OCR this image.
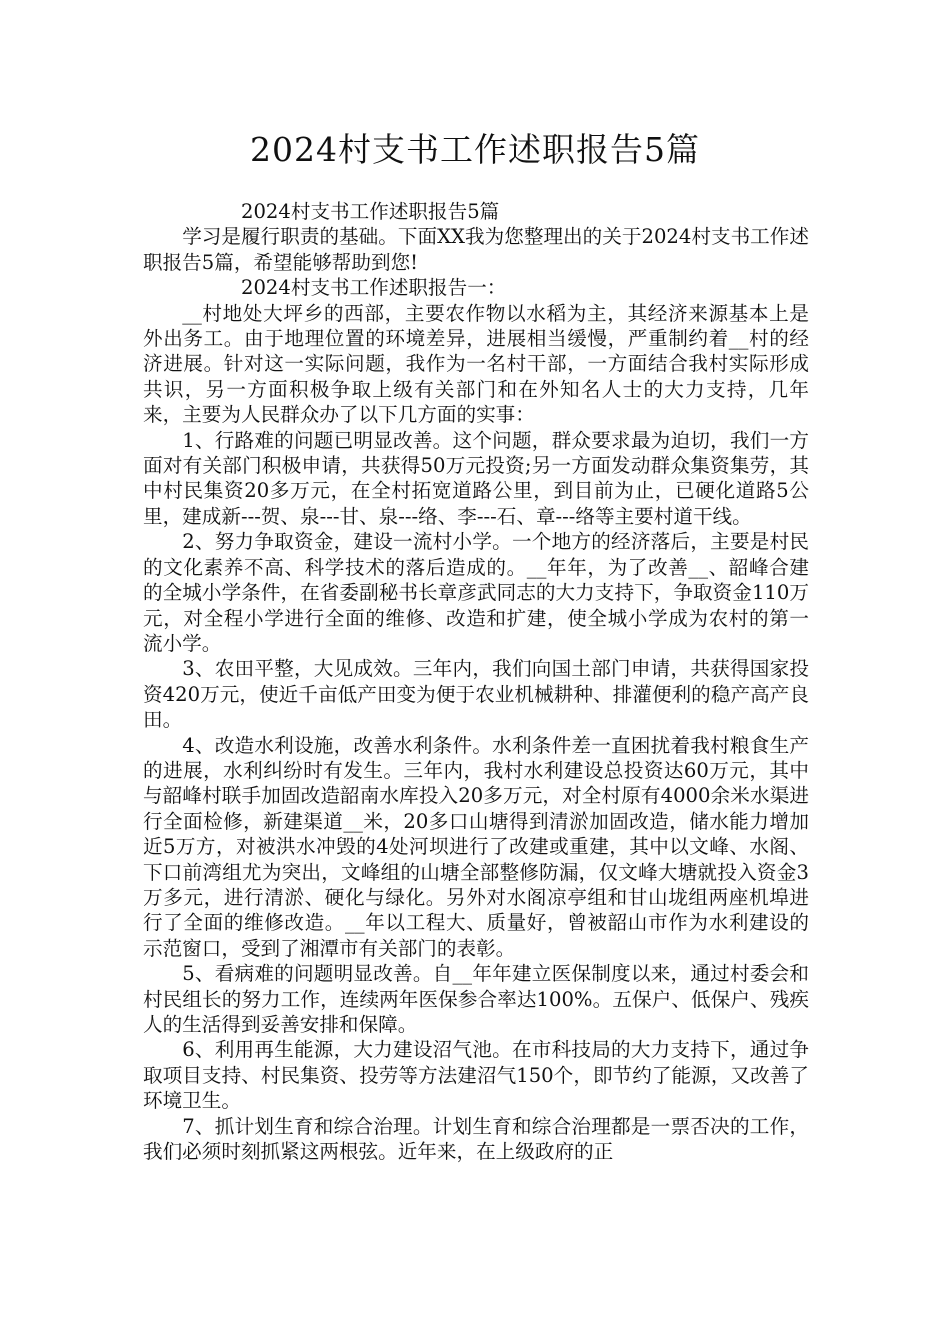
2024村支书工作述职报告5篇

2024村支书工作述职报告5篇

学习是履行职责的基础。下面XX我为您整理出的关于2024村支书工作述职报告5篇，希望能够帮助到您!

2024村支书工作述职报告一：

__村地处大坪乡的西部，主要农作物以水稻为主，其经济来源基本上是外出务工。由于地理位置的环境差异，进展相当缓慢，严重制约着__村的经济进展。针对这一实际问题，我作为一名村干部，一方面结合我村实际形成共识，另一方面积极争取上级有关部门和在外知名人士的大力支持，几年来，主要为人民群众办了以下几方面的实事：

1、行路难的问题已明显改善。这个问题，群众要求最为迫切，我们一方面对有关部门积极申请，共获得50万元投资;另一方面发动群众集资集劳，其中村民集资20多万元，在全村拓宽道路公里，到目前为止，已硬化道路5公里，建成新---贺、泉---甘、泉---络、李---石、章---络等主要村道干线。

2、努力争取资金，建设一流村小学。一个地方的经济落后，主要是村民的文化素养不高、科学技术的落后造成的。__年年，为了改善__、韶峰合建的全城小学条件，在省委副秘书长章彦武同志的大力支持下，争取资金110万元，对全程小学进行全面的维修、改造和扩建，使全城小学成为农村的第一流小学。

3、农田平整，大见成效。三年内，我们向国土部门申请，共获得国家投资420万元，使近千亩低产田变为便于农业机械耕种、排灌便利的稳产高产良田。

4、改造水利设施，改善水利条件。水利条件差一直困扰着我村粮食生产的进展，水利纠纷时有发生。三年内，我村水利建设总投资达60万元，其中与韶峰村联手加固改造韶南水库投入20多万元，对全村原有4000余米水渠进行全面检修，新建渠道__米，20多口山塘得到清淤加固改造，储水能力增加近5万方，对被洪水冲毁的4处河坝进行了改建或重建，其中以文峰、水阁、下口前湾组尤为突出，文峰组的山塘全部整修防漏，仅文峰大塘就投入资金3万多元，进行清淤、硬化与绿化。另外对水阁凉亭组和甘山垅组两座机埠进行了全面的维修改造。__年以工程大、质量好，曾被韶山市作为水利建设的示范窗口，受到了湘潭市有关部门的表彰。

5、看病难的问题明显改善。自__年年建立医保制度以来，通过村委会和村民组长的努力工作，连续两年医保参合率达100%。五保户、低保户、残疾人的生活得到妥善安排和保障。

6、利用再生能源，大力建设沼气池。在市科技局的大力支持下，通过争取项目支持、村民集资、投劳等方法建沼气150个，即节约了能源，又改善了环境卫生。

7、抓计划生育和综合治理。计划生育和综合治理都是一票否决的工作，我们必须时刻抓紧这两根弦。近年来，在上级政府的正
